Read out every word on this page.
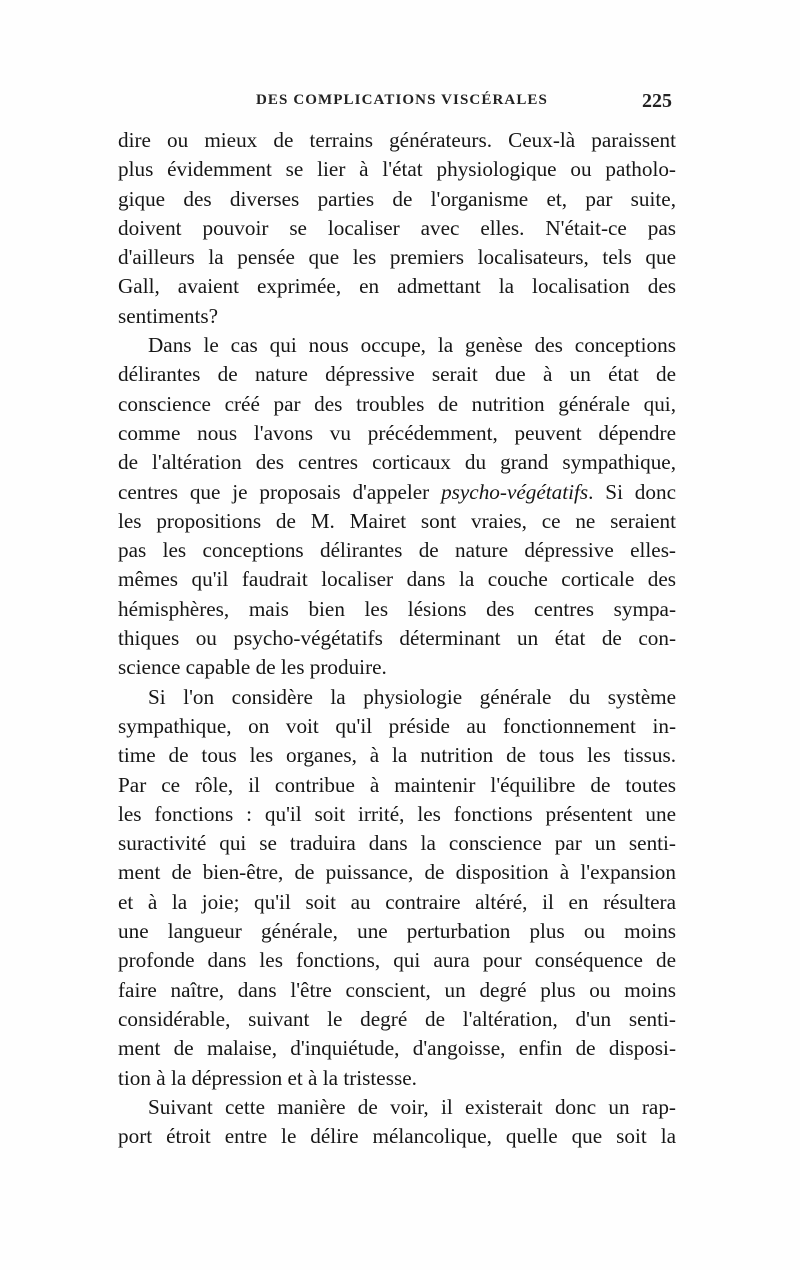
DES COMPLICATIONS VISCÉRALES	225
dire ou mieux de terrains générateurs. Ceux-là paraissent
plus évidemment se lier à l'état physiologique ou patholo-
gique des diverses parties de l'organisme et, par suite,
doivent pouvoir se localiser avec elles. N'était-ce pas
d'ailleurs la pensée que les premiers localisateurs, tels que
Gall, avaient exprimée, en admettant la localisation des
sentiments?
Dans le cas qui nous occupe, la genèse des conceptions
délirantes de nature dépressive serait due à un état de
conscience créé par des troubles de nutrition générale qui,
comme nous l'avons vu précédemment, peuvent dépendre
de l'altération des centres corticaux du grand sympathique,
centres que je proposais d'appeler psycho-végétatifs. Si donc
les propositions de M. Mairet sont vraies, ce ne seraient
pas les conceptions délirantes de nature dépressive elles-
mêmes qu'il faudrait localiser dans la couche corticale des
hémisphères, mais bien les lésions des centres sympa-
thiques ou psycho-végétatifs déterminant un état de con-
science capable de les produire.
Si l'on considère la physiologie générale du système
sympathique, on voit qu'il préside au fonctionnement in-
time de tous les organes, à la nutrition de tous les tissus.
Par ce rôle, il contribue à maintenir l'équilibre de toutes
les fonctions : qu'il soit irrité, les fonctions présentent une
suractivité qui se traduira dans la conscience par un senti-
ment de bien-être, de puissance, de disposition à l'expansion
et à la joie; qu'il soit au contraire altéré, il en résultera
une langueur générale, une perturbation plus ou moins
profonde dans les fonctions, qui aura pour conséquence de
faire naître, dans l'être conscient, un degré plus ou moins
considérable, suivant le degré de l'altération, d'un senti-
ment de malaise, d'inquiétude, d'angoisse, enfin de disposi-
tion à la dépression et à la tristesse.
Suivant cette manière de voir, il existerait donc un rap-
port étroit entre le délire mélancolique, quelle que soit la
